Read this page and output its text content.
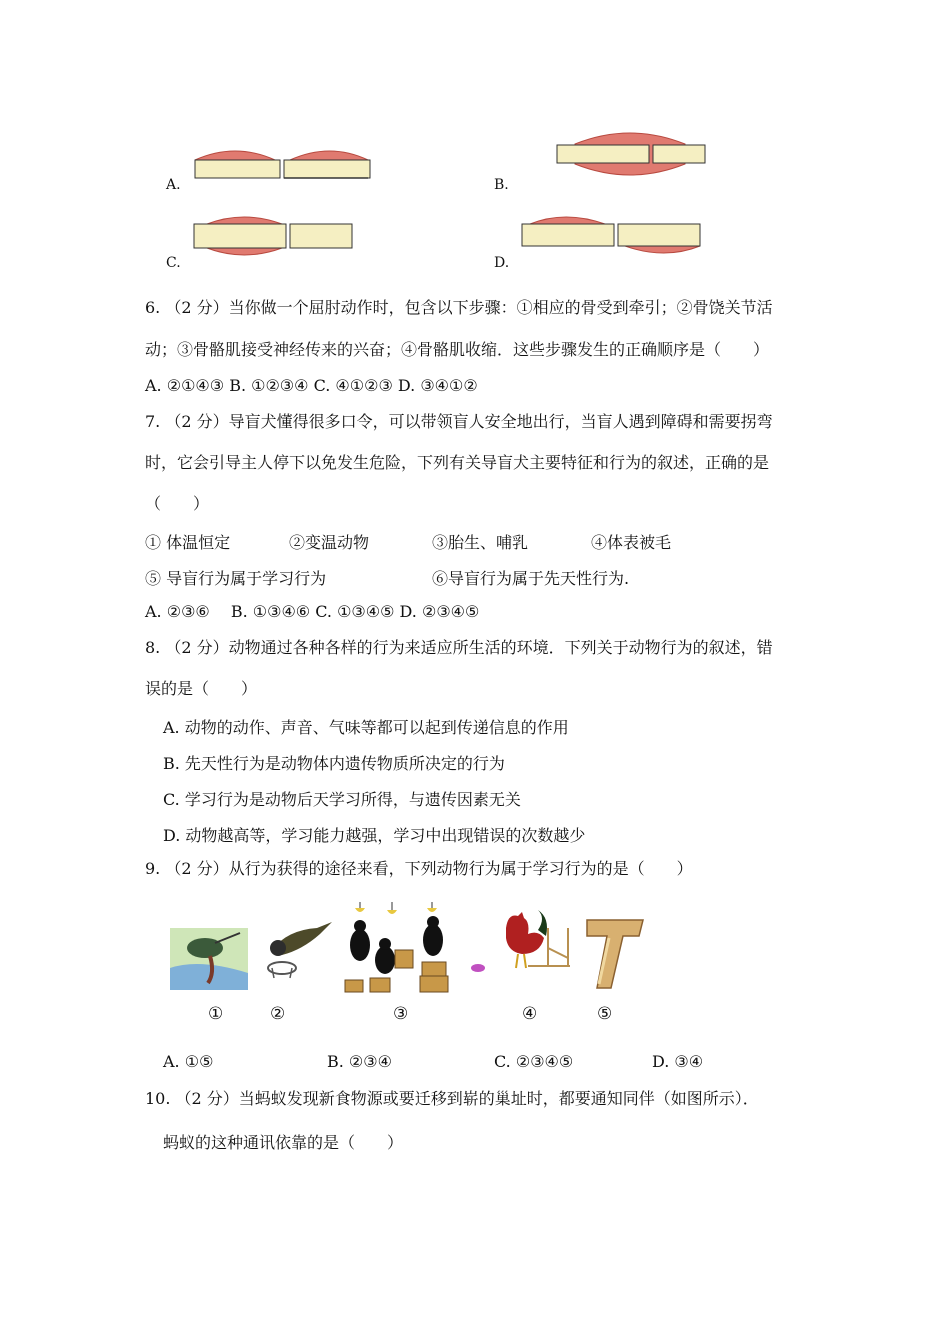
A.	B.
C.	D.
6. （2 分）当你做一个屈肘动作时，包含以下步骤：①相应的骨受到牵引；②骨饶关节活
动；③骨骼肌接受神经传来的兴奋；④骨骼肌收缩．这些步骤发生的正确顺序是（　　）
A. ②①④③ B. ①②③④ C. ④①②③ D. ③④①②
7. （2 分）导盲犬懂得很多口令，可以带领盲人安全地出行，当盲人遇到障碍和需要拐弯
时，它会引导主人停下以免发生危险，下列有关导盲犬主要特征和行为的叙述，正确的是
（　　）
① 体温恒定	②变温动物	③胎生、哺乳	④体表被毛
⑤ 导盲行为属于学习行为	⑥导盲行为属于先天性行为.
A. ②③⑥　 B. ①③④⑥ C. ①③④⑤ D. ②③④⑤
8. （2 分）动物通过各种各样的行为来适应所生活的环境．下列关于动物行为的叙述，错
误的是（　　）
A. 动物的动作、声音、气味等都可以起到传递信息的作用
B. 先天性行为是动物体内遗传物质所决定的行为
C. 学习行为是动物后天学习所得，与遗传因素无关
D. 动物越高等，学习能力越强，学习中出现错误的次数越少
9. （2 分）从行为获得的途径来看，下列动物行为属于学习行为的是（　　）
①	②	③	④	⑤
A. ①⑤	B. ②③④	C. ②③④⑤	D. ③④
10. （2 分）当蚂蚁发现新食物源或要迁移到崭的巢址时，都要通知同伴（如图所示）．
蚂蚁的这种通讯依靠的是（　　）
